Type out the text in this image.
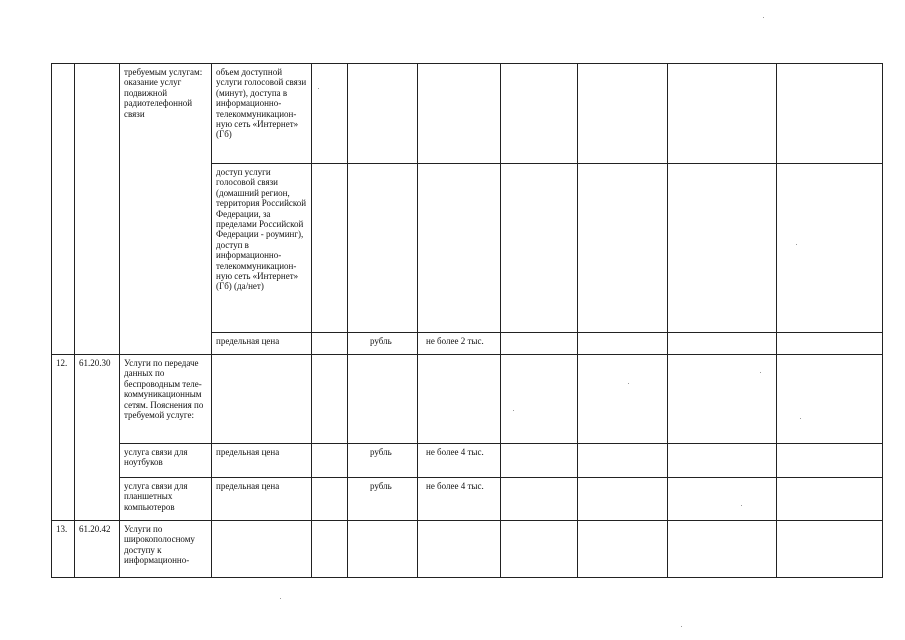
		требуемым услугам: оказание услуг подвижной радиотелефонной связи	объем доступной услуги голосовой связи (минут), доступа в информационно-телекоммуникацион-ную сеть «Интернет» (Гб)							

			доступ услуги голосовой связи (домашний регион, территория Российской Федерации, за пределами Российской Федерации - роуминг), доступ в информационно-телекоммуникацион-ную сеть «Интернет» (Гб) (да/нет)							

			предельная цена		рубль	не более 2 тыс.				

12.	61.20.30	Услуги по передаче данных по беспроводным теле-коммуникационным сетям. Пояснения по требуемой услуге:								

		услуга связи для ноутбуков	предельная цена		рубль	не более 4 тыс.				

		услуга связи для планшетных компьютеров	предельная цена		рубль	не более 4 тыс.				

13.	61.20.42	Услуги по широкополосному доступу к информационно-								
